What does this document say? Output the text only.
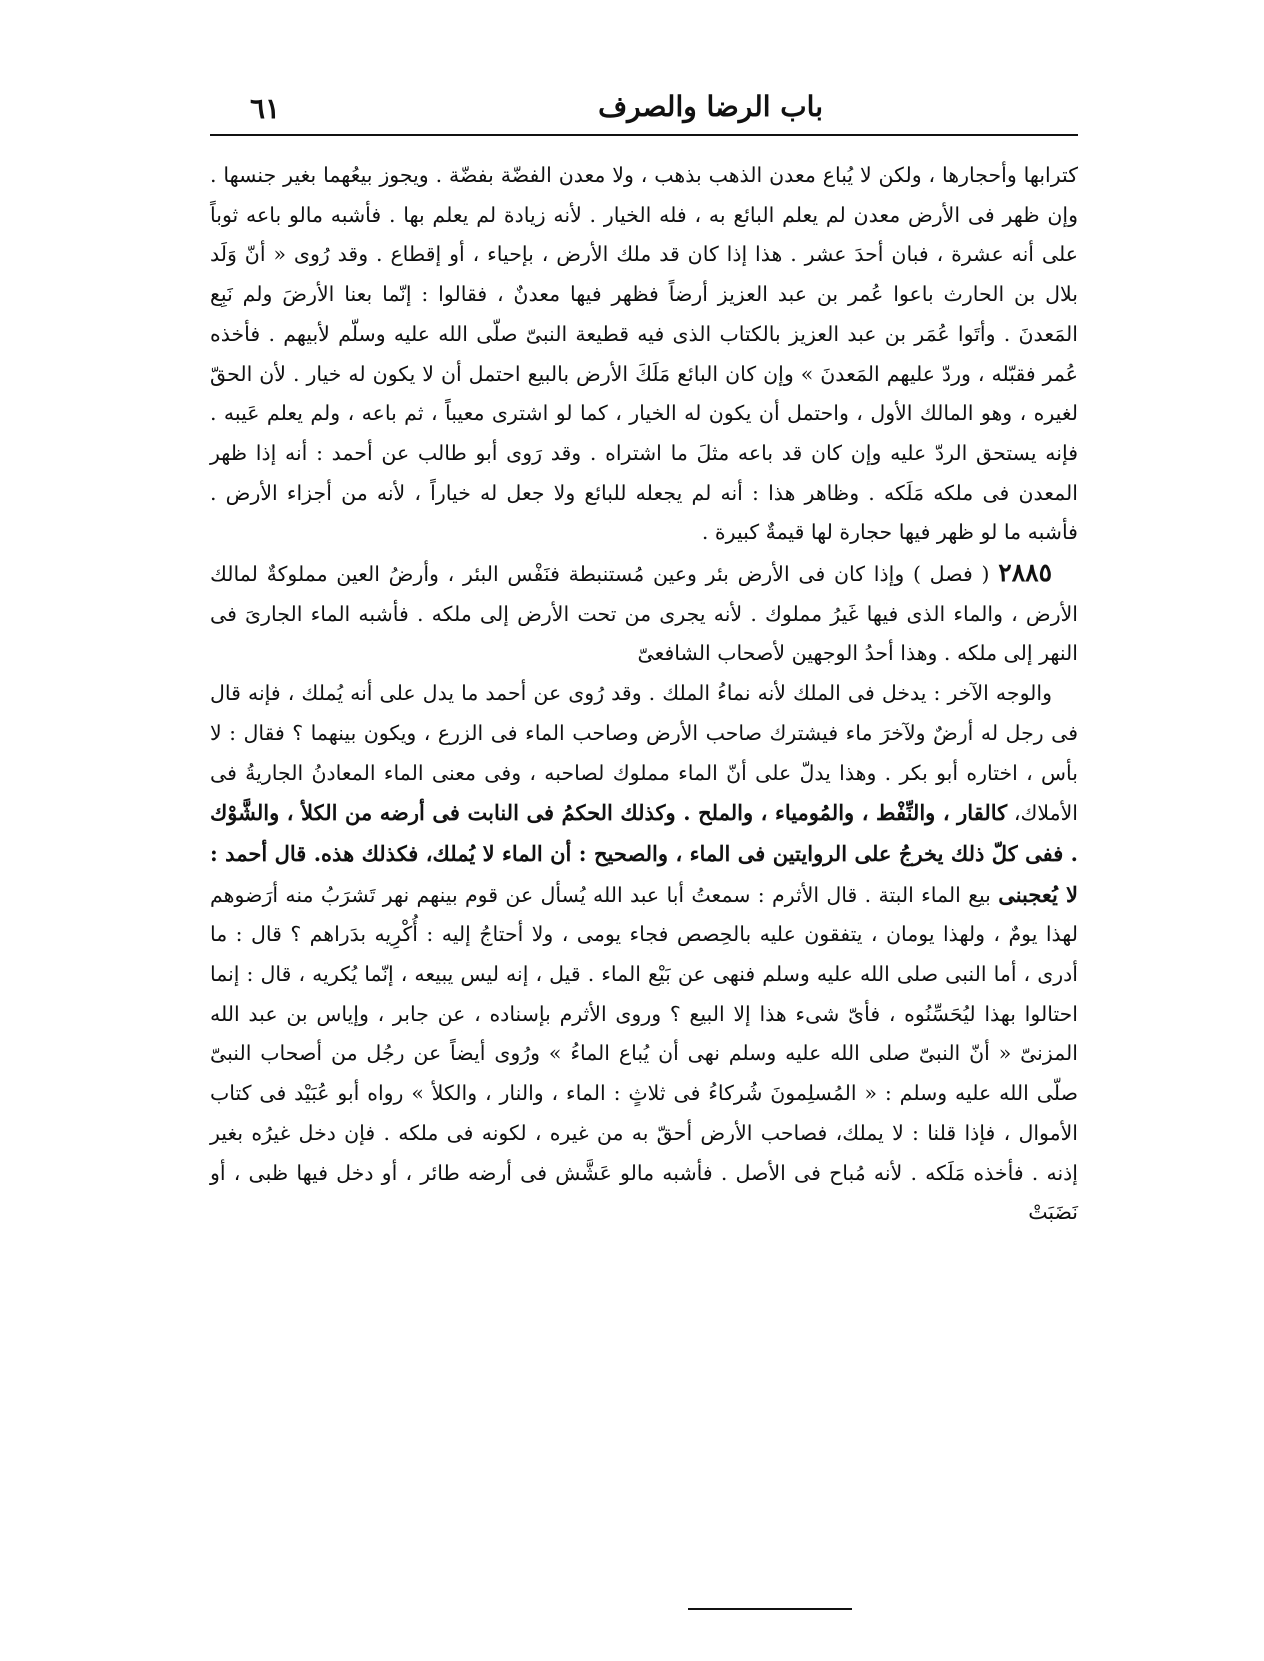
٦١	باب الرضا والصرف

كترابها وأحجارها ، ولكن لا يُباع معدن الذهب بذهب ، ولا معدن الفضّة بفضّة . ويجوز بيعُهما بغير جنسها . وإن ظهر فى الأرض معدن لم يعلم البائع به ، فله الخيار . لأنه زيادة لم يعلم بها . فأشبه مالو باعه ثوباً على أنه عشرة ، فبان أحدَ عشر . هذا إذا كان قد ملك الأرض ، بإحياء ، أو إقطاع . وقد رُوى « أنّ وَلَد بلال بن الحارث باعوا عُمر بن عبد العزيز أرضاً فظهر فيها معدنٌ ، فقالوا : إنّما بعنا الأرضَ ولم نَبِع المَعدنَ . وأتَوا عُمَر بن عبد العزيز بالكتاب الذى فيه قطيعة النبىّ صلّى الله عليه وسلّم لأبيهم . فأخذه عُمر فقبّله ، وردّ عليهم المَعدنَ » وإن كان البائع مَلَكَ الأرض بالبيع احتمل أن لا يكون له خيار . لأن الحقّ لغيره ، وهو المالك الأول ، واحتمل أن يكون له الخيار ، كما لو اشترى معيباً ، ثم باعه ، ولم يعلم عَيبه . فإنه يستحق الردّ عليه وإن كان قد باعه مثلَ ما اشتراه . وقد رَوى أبو طالب عن أحمد : أنه إذا ظهر المعدن فى ملكه مَلَكه . وظاهر هذا : أنه لم يجعله للبائع ولا جعل له خياراً ، لأنه من أجزاء الأرض . فأشبه ما لو ظهر فيها حجارة لها قيمةٌ كبيرة .

٢٨٨٥ ( فصل ) وإذا كان فى الأرض بئر وعين مُستنبطة فنَفْس البئر ، وأرضُ العين مملوكةٌ لمالك الأرض ، والماء الذى فيها غَيرُ مملوك . لأنه يجرى من تحت الأرض إلى ملكه . فأشبه الماء الجارىَ فى النهر إلى ملكه . وهذا أحدُ الوجهين لأصحاب الشافعىّ

والوجه الآخر : يدخل فى الملك لأنه نماءُ الملك . وقد رُوى عن أحمد ما يدل على أنه يُملك ، فإنه قال فى رجل له أرضٌ ولآخرَ ماء فيشترك صاحب الأرض وصاحب الماء فى الزرع ، ويكون بينهما ؟ فقال : لا بأس ، اختاره أبو بكر . وهذا يدلّ على أنّ الماء مملوك لصاحبه ، وفى معنى الماء المعادنُ الجاريةُ فى الأملاك، كالقار ، والنِّفْط ، والمُومياء ، والملح . وكذلك الحكمُ فى النابت فى أرضه من الكلأ ، والشَّوْك . ففى كلّ ذلك يخرجُ على الروايتين فى الماء ، والصحيح : أن الماء لا يُملك، فكذلك هذه. قال أحمد : لا يُعجبنى بيع الماء البتة . قال الأثرم : سمعتُ أبا عبد الله يُسأل عن قوم بينهم نهر تَشرَبُ منه أرَضوهم لهذا يومٌ ، ولهذا يومان ، يتفقون عليه بالحِصص فجاء يومى ، ولا أحتاجُ إليه : أُكْرِيه بدَراهم ؟ قال : ما أدرى ، أما النبى صلى الله عليه وسلم فنهى عن بَيْع الماء . قيل ، إنه ليس يبيعه ، إنّما يُكريه ، قال : إنما احتالوا بهذا ليُحَسِّنُوه ، فأىّ شىء هذا إلا البيع ؟ وروى الأثرم بإسناده ، عن جابر ، وإياس بن عبد الله المزنىّ « أنّ النبىّ صلى الله عليه وسلم نهى أن يُباع الماءُ » ورُوى أيضاً عن رجُل من أصحاب النبىّ صلّى الله عليه وسلم : « المُسلِمونَ شُركاءُ فى ثلاثٍ : الماء ، والنار ، والكلأ » رواه أبو عُبَيْد فى كتاب الأموال ، فإذا قلنا : لا يملك، فصاحب الأرض أحقّ به من غيره ، لكونه فى ملكه . فإن دخل غيرُه بغير إذنه . فأخذه مَلَكه . لأنه مُباح فى الأصل . فأشبه مالو عَشَّش فى أرضه طائر ، أو دخل فيها ظبى ، أو نَضَبَتْ
